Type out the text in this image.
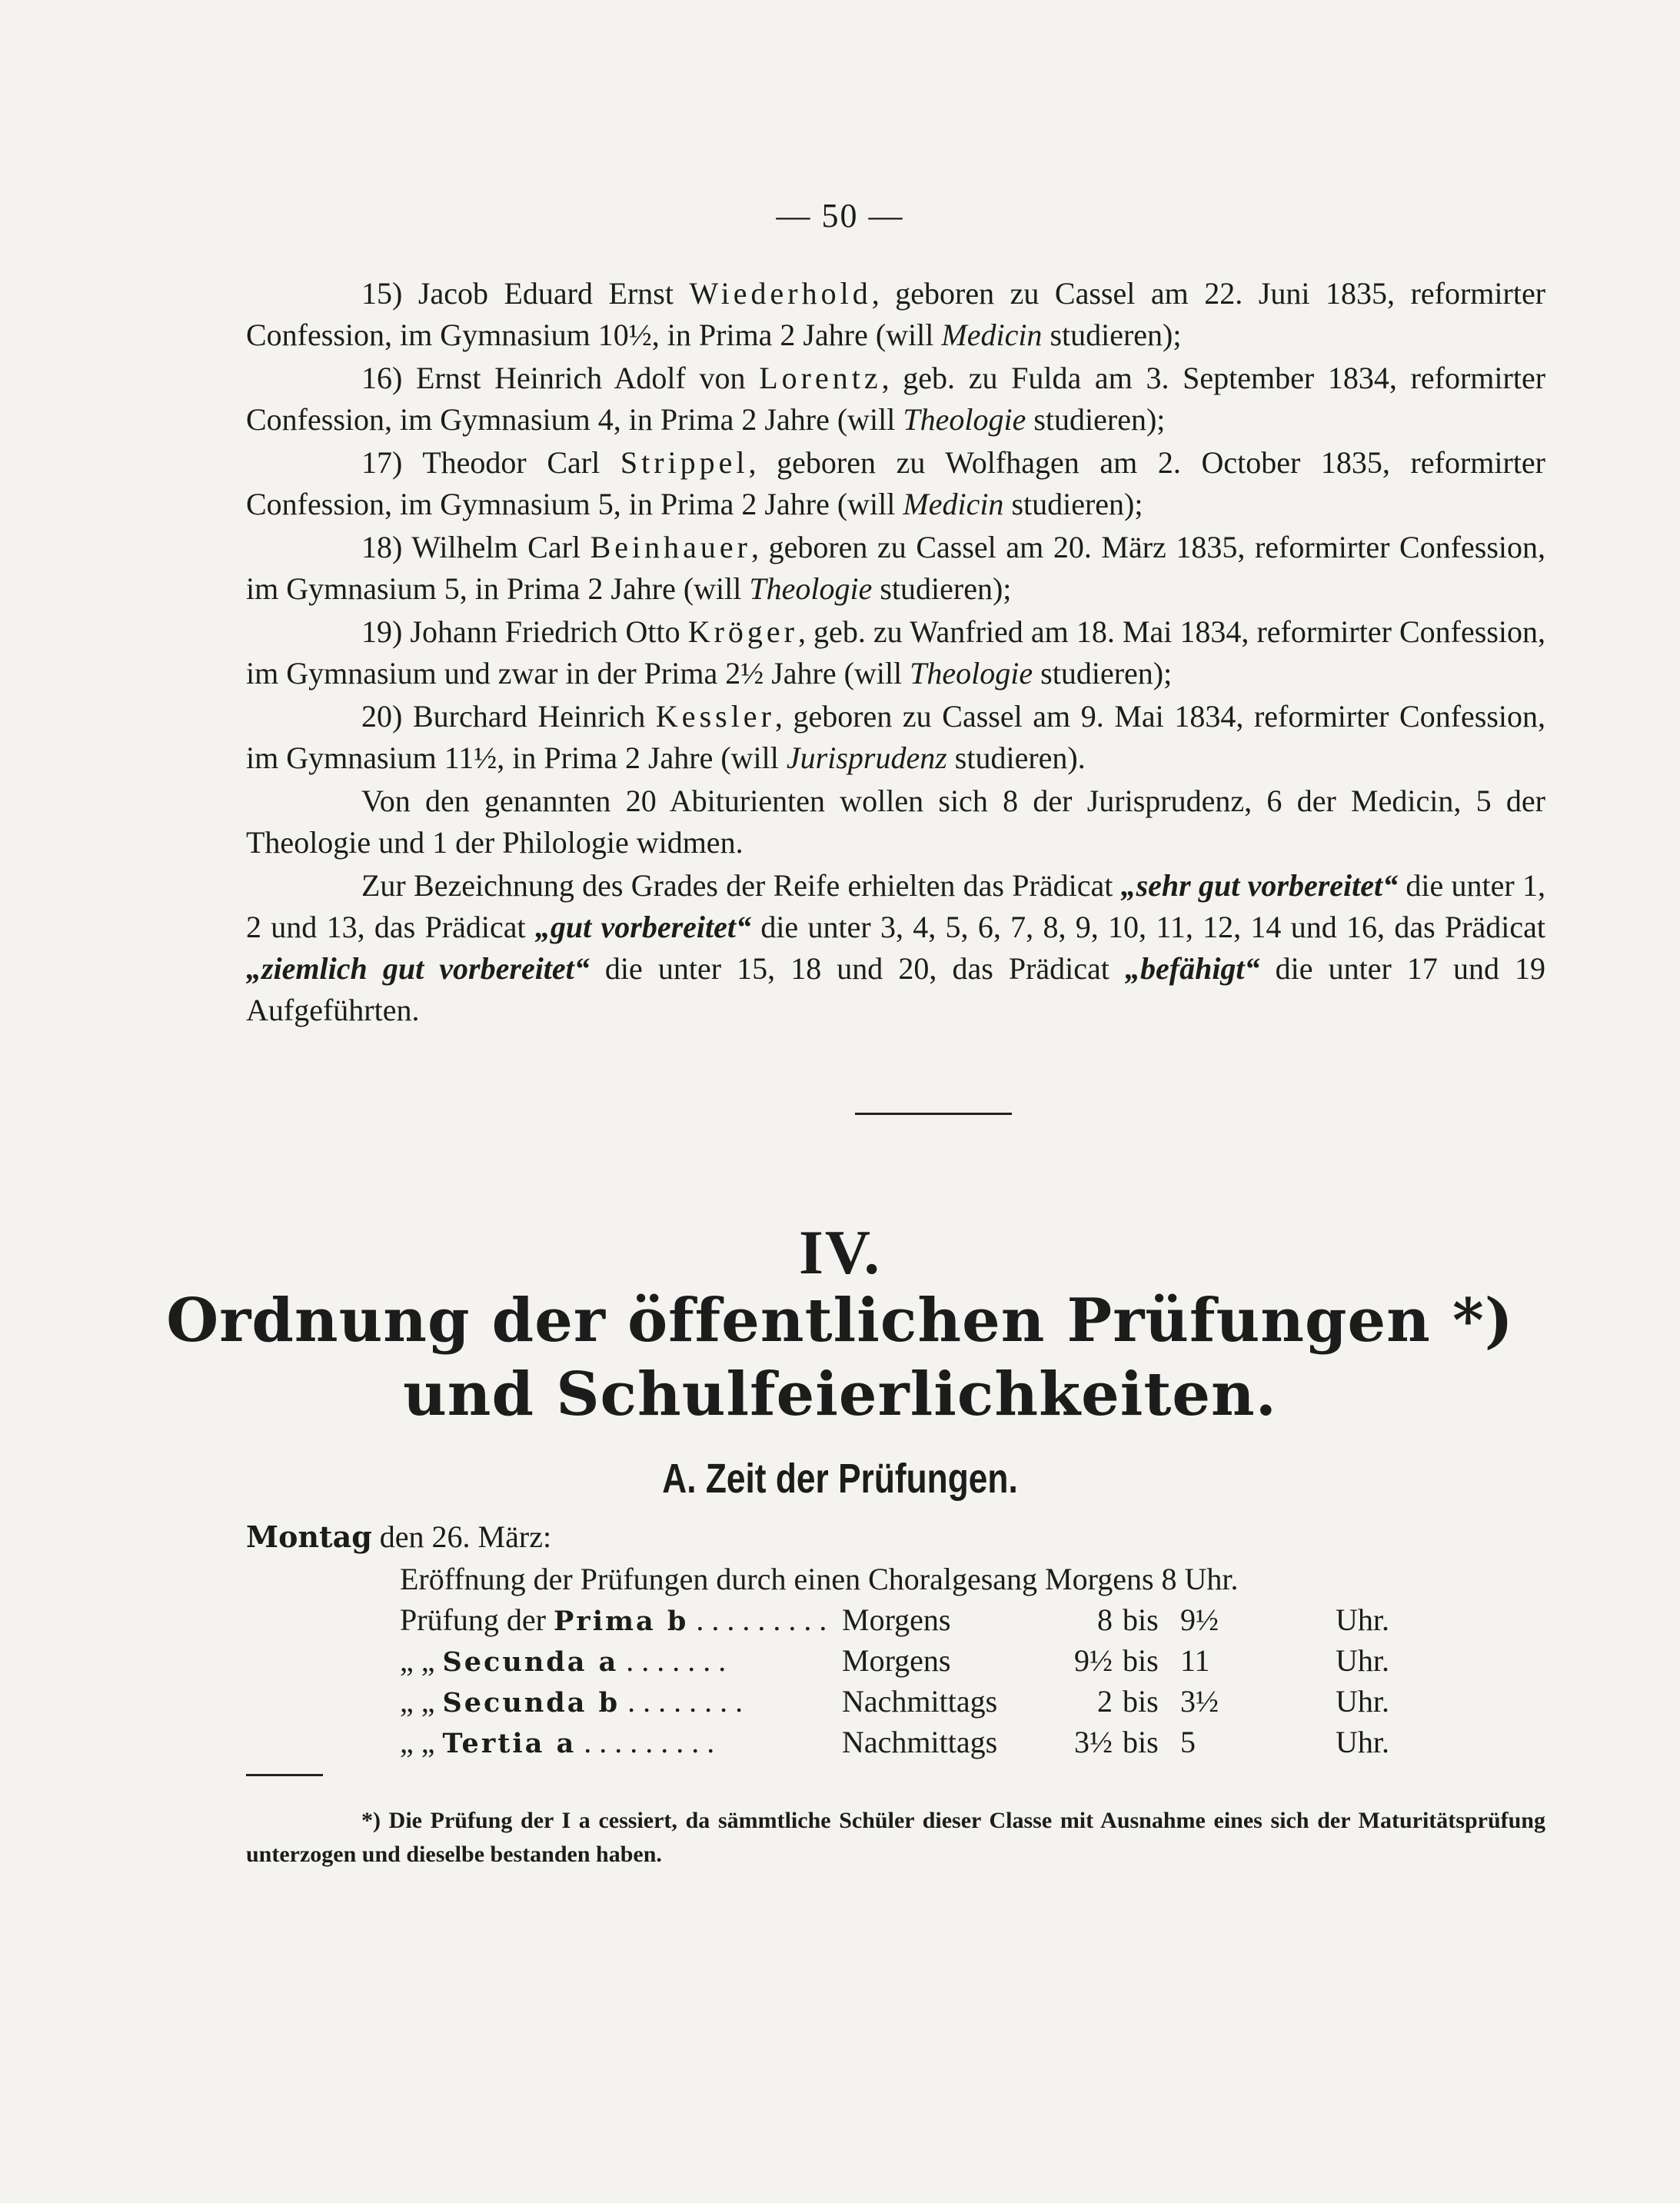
— 50 —

15) Jacob Eduard Ernst Wiederhold, geboren zu Cassel am 22. Juni 1835, reformirter Confession, im Gymnasium 10½, in Prima 2 Jahre (will Medicin studieren);

16) Ernst Heinrich Adolf von Lorentz, geb. zu Fulda am 3. September 1834, reformirter Confession, im Gymnasium 4, in Prima 2 Jahre (will Theologie studieren);

17) Theodor Carl Strippel, geboren zu Wolfhagen am 2. October 1835, reformirter Confession, im Gymnasium 5, in Prima 2 Jahre (will Medicin studieren);

18) Wilhelm Carl Beinhauer, geboren zu Cassel am 20. März 1835, reformirter Confession, im Gymnasium 5, in Prima 2 Jahre (will Theologie studieren);

19) Johann Friedrich Otto Kröger, geb. zu Wanfried am 18. Mai 1834, reformirter Confession, im Gymnasium und zwar in der Prima 2½ Jahre (will Theologie studieren);

20) Burchard Heinrich Kessler, geboren zu Cassel am 9. Mai 1834, reformirter Confession, im Gymnasium 11½, in Prima 2 Jahre (will Jurisprudenz studieren).

Von den genannten 20 Abiturienten wollen sich 8 der Jurisprudenz, 6 der Medicin, 5 der Theologie und 1 der Philologie widmen.

Zur Bezeichnung des Grades der Reife erhielten das Prädicat „sehr gut vorbereitet“ die unter 1, 2 und 13, das Prädicat „gut vorbereitet“ die unter 3, 4, 5, 6, 7, 8, 9, 10, 11, 12, 14 und 16, das Prädicat „ziemlich gut vorbereitet“ die unter 15, 18 und 20, das Prädicat „befähigt“ die unter 17 und 19 Aufgeführten.

IV.
Ordnung der öffentlichen Prüfungen *)
und Schulfeierlichkeiten.
A. Zeit der Prüfungen.
Montag den 26. März:
Eröffnung der Prüfungen durch einen Choralgesang Morgens 8 Uhr.
Prüfung der Prima b . . . . . . . . . Morgens	8 bis 9½	Uhr.
„ „ Secunda a . . . . . . .	Morgens	9½ bis 11	Uhr.
„ „ Secunda b . . . . . . . .	Nachmittags	2 bis 3½	Uhr.
„ „ Tertia a . . . . . . . . .	Nachmittags	3½ bis 5	Uhr.
*) Die Prüfung der I a cessiert, da sämmtliche Schüler dieser Classe mit Ausnahme eines sich der Maturitätsprüfung unterzogen und dieselbe bestanden haben.
